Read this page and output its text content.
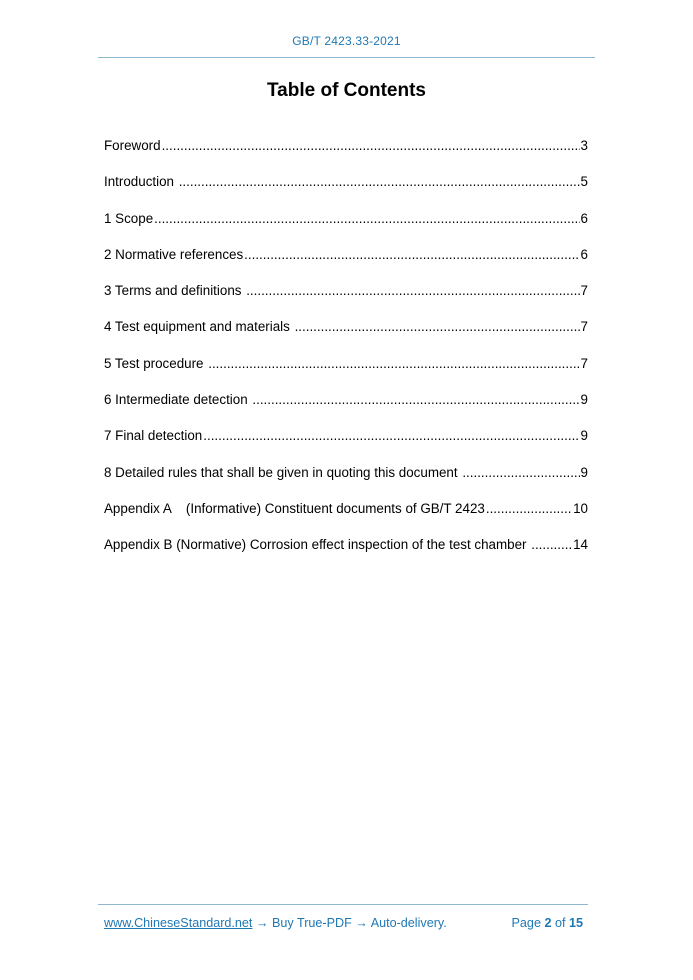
GB/T 2423.33-2021
Table of Contents
Foreword .....	3
Introduction .....	5
1 Scope .....	6
2 Normative references .....	6
3 Terms and definitions .....	7
4 Test equipment and materials .....	7
5 Test procedure .....	7
6 Intermediate detection .....	9
7 Final detection .....	9
8 Detailed rules that shall be given in quoting this document .....	9
Appendix A    (Informative) Constituent documents of GB/T 2423 .....	10
Appendix B (Normative) Corrosion effect inspection of the test chamber .....	14
www.ChineseStandard.net → Buy True-PDF → Auto-delivery.	Page 2 of 15
